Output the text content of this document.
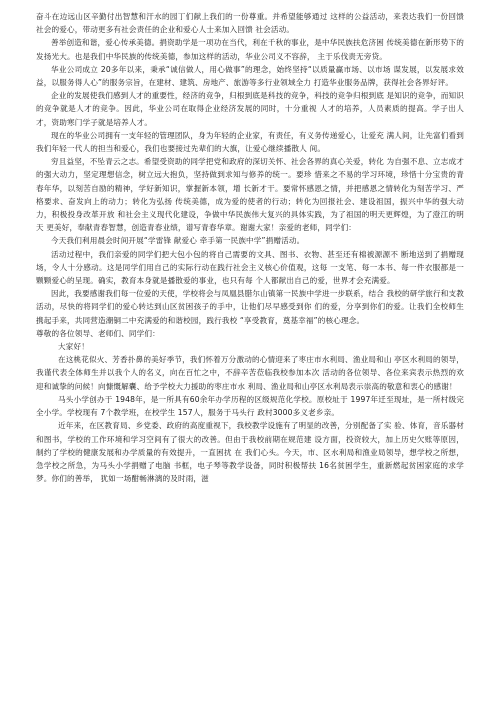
奋斗在边远山区辛勤付出智慧和汗水的园丁们献上我们的一份尊重。并希望能够通过 这样的公益活动，来表达我们一份回馈社会的爱心，带动更多有社会责任的企业和爱心人士来加入回馈 社会活动。

善举创造和谐，爱心传承美德。捐资助学是一项功在当代，利在千秋的事业，是中华民族扶危济困 传统美德在新形势下的发扬光大。也是我们中华民族的传统美德，参加这样的活动，华业公司义不容辞， 主于乐伐责无旁贷。

华业公司成立 20多年以来，秉承“诚信做人，用心做事”的理念，始终坚持“以质量赢市场、以市场 谋发展，以发展求效益，以服务得人心”的服务宗旨，在建材、建筑、房地产、旅游等多行业领域全力 打造华业服务品牌，获得社会各界好评。

企业的发展使我们感到人才的重要性，经济的竞争，归根到底是科技的竞争，科技的竞争归根到底 是知识的竞争，而知识的竞争就是人才的竞争。因此，华业公司在取得企业经济发展的同时，十分重视 人才的培养，人员素质的提高。学子出人才，资助寒门学子就是培养人才。

现在的华业公司拥有一支年轻的管理团队，身为年轻的企业家，有责任，有义务传递爱心，让爱充 满人间，让先富们看到我们年轻一代人的担当和爱心，我们也要接过先辈们的大旗，让爱心继续播散人 间。

穷且益坚，不坠青云之志。希望受资助的同学把党和政府的深切关怀、社会各界的真心关爱，转化 为自强不息、立志成才的强大动力，坚定理想信念，树立远大抱负，坚持做到求知与修养的统一。要珍 惜来之不易的学习环境，珍惜十分宝贵的青春年华，以刻苦自励的精神，学好新知识，掌握新本领，增 长新才干。要常怀感恩之情，并把感恩之情转化为刻苦学习、严格要求、奋发向上的动力；转化为弘扬 传统美德，成为爱的使者的行动；转化为回报社会、建设祖国，振兴中华的强大动力，积极投身改革开放 和社会主义现代化建设，争做中华民族伟大复兴的具体实践，为了祖国的明天更辉煌，为了澄江的明天 更美好，奉献青春智慧，创造青春业绩，谱写青春华章。谢谢大家！亲爱的老师，同学们：

今天我们利用晨会时间开展“学雷锋 献爱心 牵手第一民族中学”捐赠活动。

活动过程中，我们亲爱的同学们把大包小包的将自己需要的文具、图书、衣物、甚至还有棉被源源不 断地送到了捐赠现场，令人十分感动。这是同学们用自己的实际行动在践行社会主义核心价值观，这每 一支笔、每一本书、每一件衣服都是一颗颗爱心的呈现。确实，教育本身就是播散爱的事业，也只有每 个人都献出自己的爱，世界才会充满爱。

因此，我要感谢我们每一位爱的天使，学校将会与凤凰县腊尔山镇第一民族中学进一步联系，结合 我校的研学旅行和支教活动，尽快的将同学们的爱心转达到山区贫困孩子的手中，让他们尽早感受到你 们的爱，分享到你们的爱。让我们全校师生携起手来，共同营造潮铜二中充满爱的和谐校园，践行我校 “享受教育，奠基幸福”的核心理念。

尊敬的各位领导、老师们、同学们：

大家好！

在这桃花似火、芳香扑鼻的美好季节，我们怀着万分激动的心情迎来了枣庄市水利局、渔业局和山 亭区水利局的领导，我谨代表全体师生并以我个人的名义，向在百忙之中，不辞辛苦莅临我校参加本次 活动的各位领导、各位来宾表示热烈的欢迎和诚挚的问候！向慷慨解囊、给予学校大力援助的枣庄市水 利局、渔业局和山亭区水利局表示崇高的敬意和衷心的感谢！

马头小学创办于 1948年，是一所具有60余年办学历程的区级规范化学校。原校址于 1997年迁至现址，是一所村级完全小学。学校现有 7个教学班，在校学生 157人，服务于马头行 政村3000多义老乡亲。

近年来，在区教育局、乡党委、政府的高度重视下，我校教学设施有了明显的改善，分别配备了实 验、体育，音乐器材和图书，学校的工作环境和学习空间有了很大的改善。但由于我校前期在规范建 设方面，投资较大，加上历史欠账等原因，制约了学校的健康发展和办学质量的有效提升，一直困扰 在 我们心头。今天，市、区水利局和渔业局领导，想学校之所想，急学校之所急，为马头小学捐赠了电脑 书框，电子琴等教学设备，同时积极帮扶 16名贫困学生，重新燃起贫困家庭的求学梦。你们的善举， 犹如一场酣畅淋漓的及时雨，滋
